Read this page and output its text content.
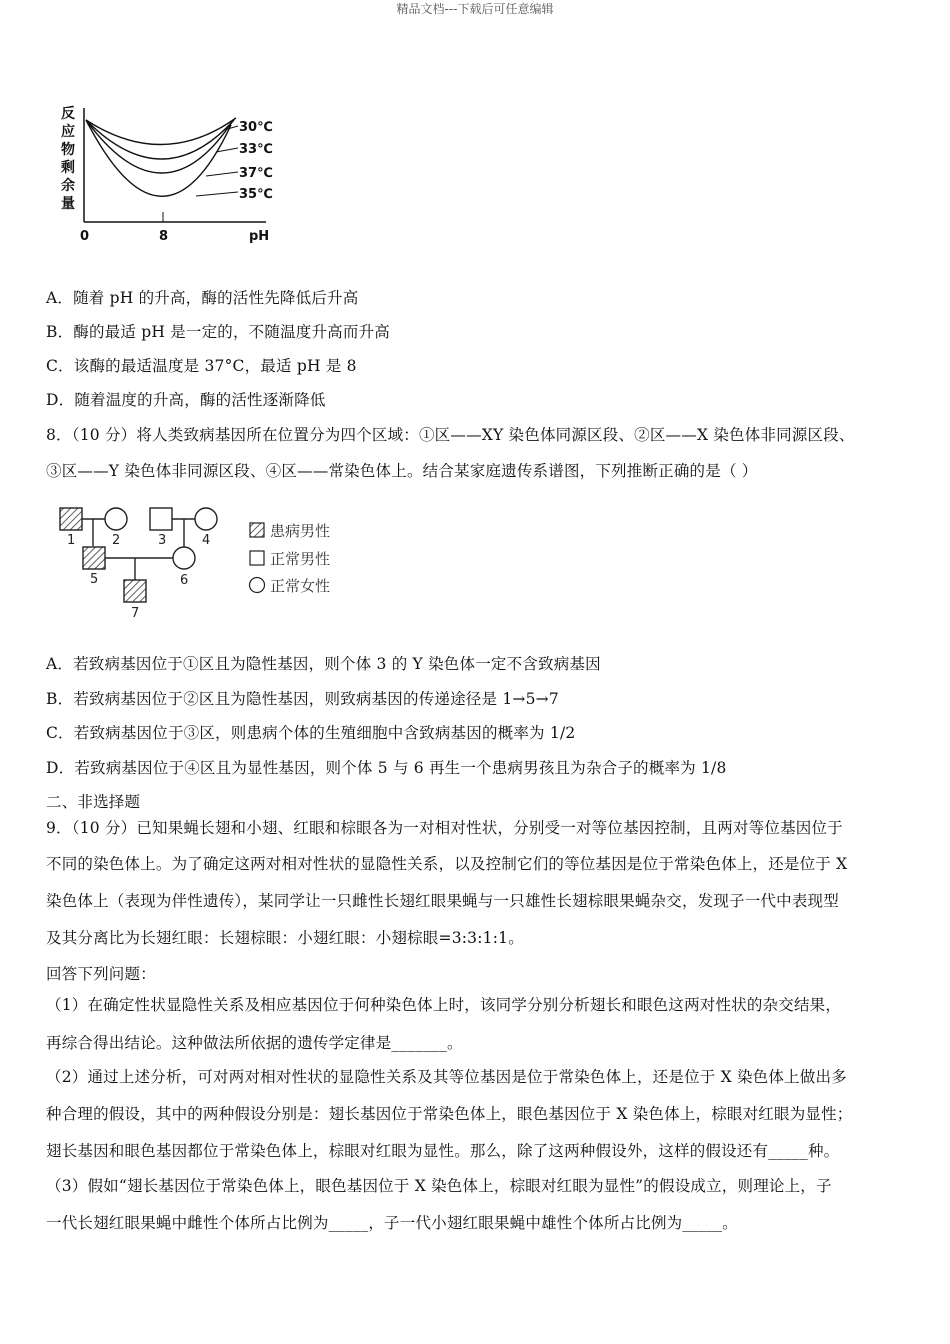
精品文档---下载后可任意编辑
反
应
物
剩
余
量
30℃
33℃
37℃
35℃
0	8	pH
A．随着 pH 的升高，酶的活性先降低后升高
B．酶的最适 pH 是一定的，不随温度升高而升高
C．该酶的最适温度是 37°C，最适 pH 是 8
D．随着温度的升高，酶的活性逐渐降低
8．（10 分）将人类致病基因所在位置分为四个区域：①区——XY 染色体同源区段、②区——X 染色体非同源区段、
③区——Y 染色体非同源区段、④区——常染色体上。结合某家庭遗传系谱图，下列推断正确的是（ ）
1	2	3	4
5	6
7
患病男性
正常男性
正常女性
A．若致病基因位于①区且为隐性基因，则个体 3 的 Y 染色体一定不含致病基因
B．若致病基因位于②区且为隐性基因，则致病基因的传递途径是 1→5→7
C．若致病基因位于③区，则患病个体的生殖细胞中含致病基因的概率为 1/2
D．若致病基因位于④区且为显性基因，则个体 5 与 6 再生一个患病男孩且为杂合子的概率为 1/8
二、非选择题
9．（10 分）已知果蝇长翅和小翅、红眼和棕眼各为一对相对性状，分别受一对等位基因控制，且两对等位基因位于
不同的染色体上。为了确定这两对相对性状的显隐性关系，以及控制它们的等位基因是位于常染色体上，还是位于 X
染色体上（表现为伴性遗传），某同学让一只雌性长翅红眼果蝇与一只雄性长翅棕眼果蝇杂交，发现子一代中表现型
及其分离比为长翅红眼：长翅棕眼：小翅红眼：小翅棕眼=3:3:1:1。
回答下列问题：
（1）在确定性状显隐性关系及相应基因位于何种染色体上时，该同学分别分析翅长和眼色这两对性状的杂交结果，
再综合得出结论。这种做法所依据的遗传学定律是_______。
（2）通过上述分析，可对两对相对性状的显隐性关系及其等位基因是位于常染色体上，还是位于 X 染色体上做出多
种合理的假设，其中的两种假设分别是：翅长基因位于常染色体上，眼色基因位于 X 染色体上，棕眼对红眼为显性；
翅长基因和眼色基因都位于常染色体上，棕眼对红眼为显性。那么，除了这两种假设外，这样的假设还有_____种。
（3）假如“翅长基因位于常染色体上，眼色基因位于 X 染色体上，棕眼对红眼为显性”的假设成立，则理论上，子
一代长翅红眼果蝇中雌性个体所占比例为_____，子一代小翅红眼果蝇中雄性个体所占比例为_____。
